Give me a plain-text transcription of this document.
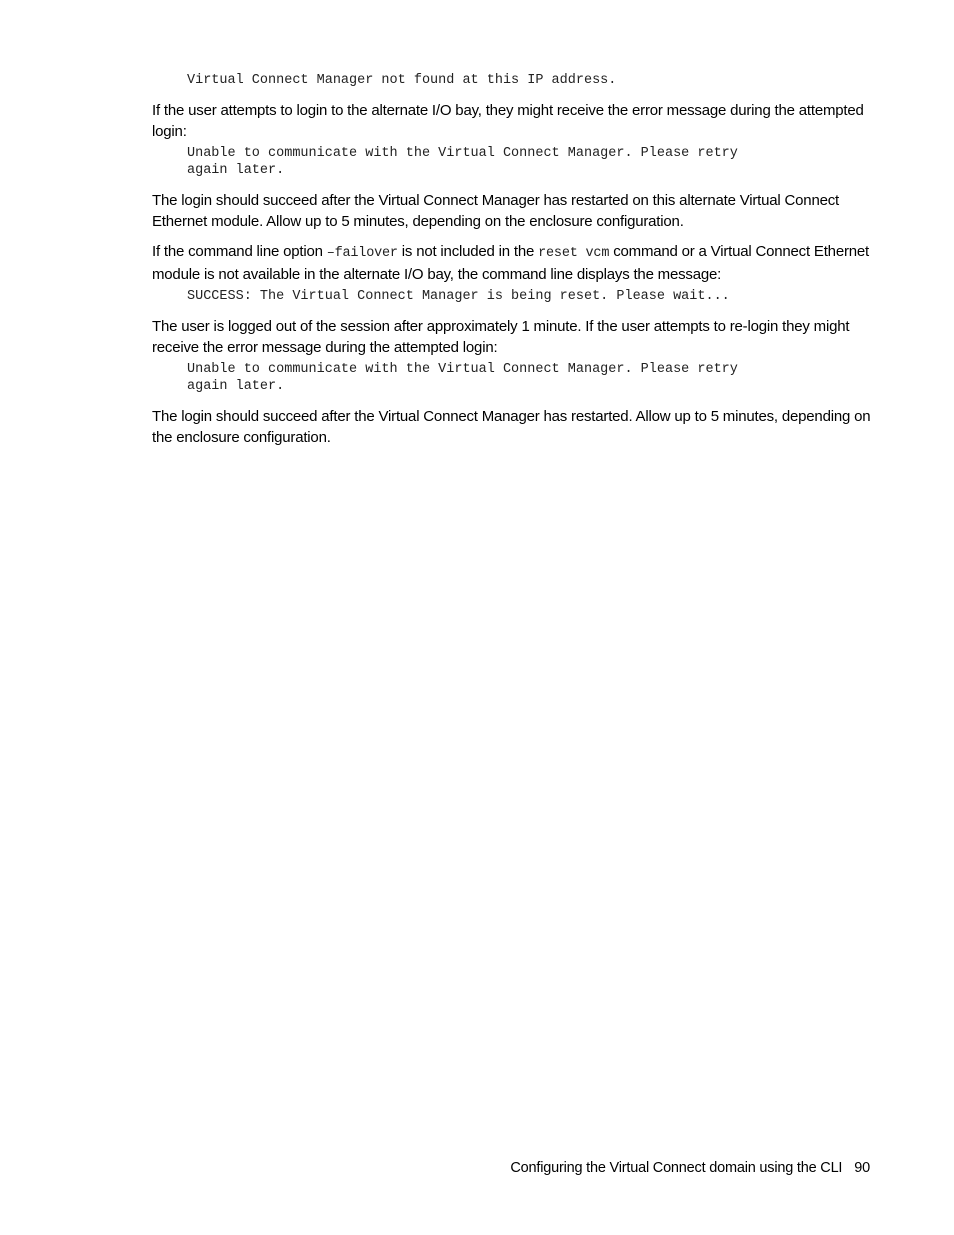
Virtual Connect Manager not found at this IP address.

If the user attempts to login to the alternate I/O bay, they might receive the error message during the attempted login:

Unable to communicate with the Virtual Connect Manager. Please retry
again later.

The login should succeed after the Virtual Connect Manager has restarted on this alternate Virtual Connect Ethernet module. Allow up to 5 minutes, depending on the enclosure configuration.

If the command line option –failover is not included in the reset vcm command or a Virtual Connect Ethernet module is not available in the alternate I/O bay, the command line displays the message:

SUCCESS: The Virtual Connect Manager is being reset. Please wait...

The user is logged out of the session after approximately 1 minute. If the user attempts to re-login they might receive the error message during the attempted login:

Unable to communicate with the Virtual Connect Manager. Please retry
again later.

The login should succeed after the Virtual Connect Manager has restarted. Allow up to 5 minutes, depending on the enclosure configuration.

Configuring the Virtual Connect domain using the CLI 90
